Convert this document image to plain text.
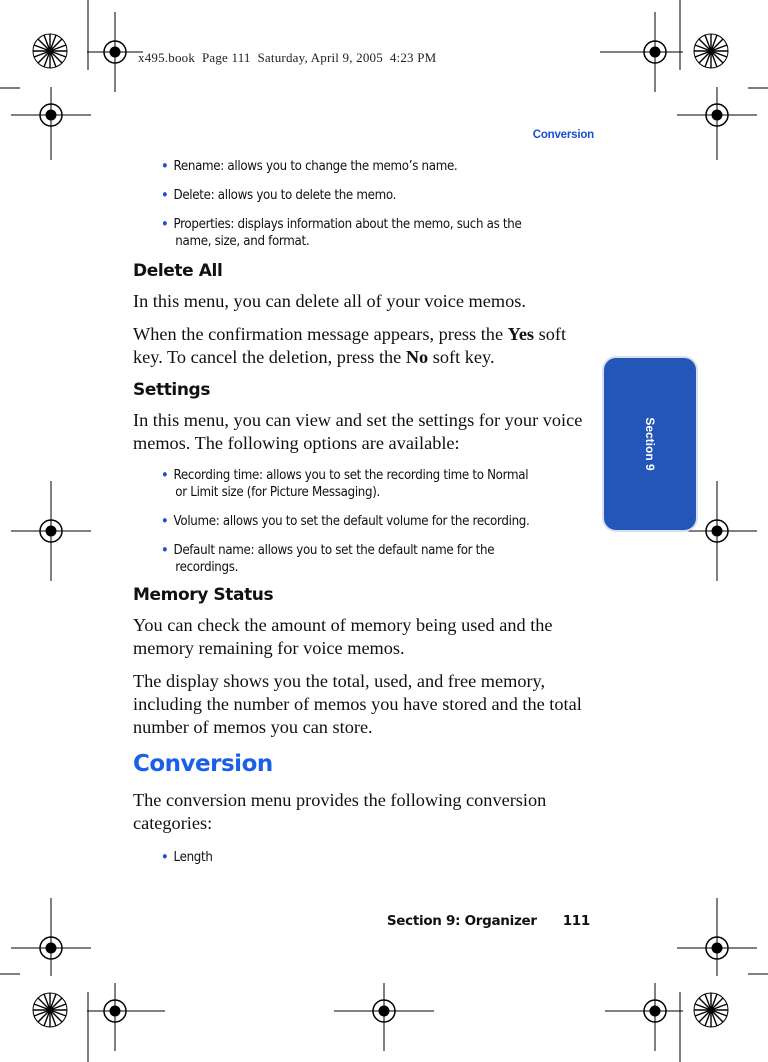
x495.book  Page 111  Saturday, April 9, 2005  4:23 PM
Conversion
Section 9
• Rename: allows you to change the memo’s name.
• Delete: allows you to delete the memo.
• Properties: displays information about the memo, such as the
name, size, and format.
Delete All

In this menu, you can delete all of your voice memos.

When the confirmation message appears, press the Yes soft key. To cancel the deletion, press the No soft key.

Settings

In this menu, you can view and set the settings for your voice memos. The following options are available:

• Recording time: allows you to set the recording time to Normal
or Limit size (for Picture Messaging).
• Volume: allows you to set the default volume for the recording.
• Default name: allows you to set the default name for the
recordings.
Memory Status

You can check the amount of memory being used and the memory remaining for voice memos.

The display shows you the total, used, and free memory, including the number of memos you have stored and the total number of memos you can store.

Conversion

The conversion menu provides the following conversion categories:

• Length
Section 9: Organizer 111
